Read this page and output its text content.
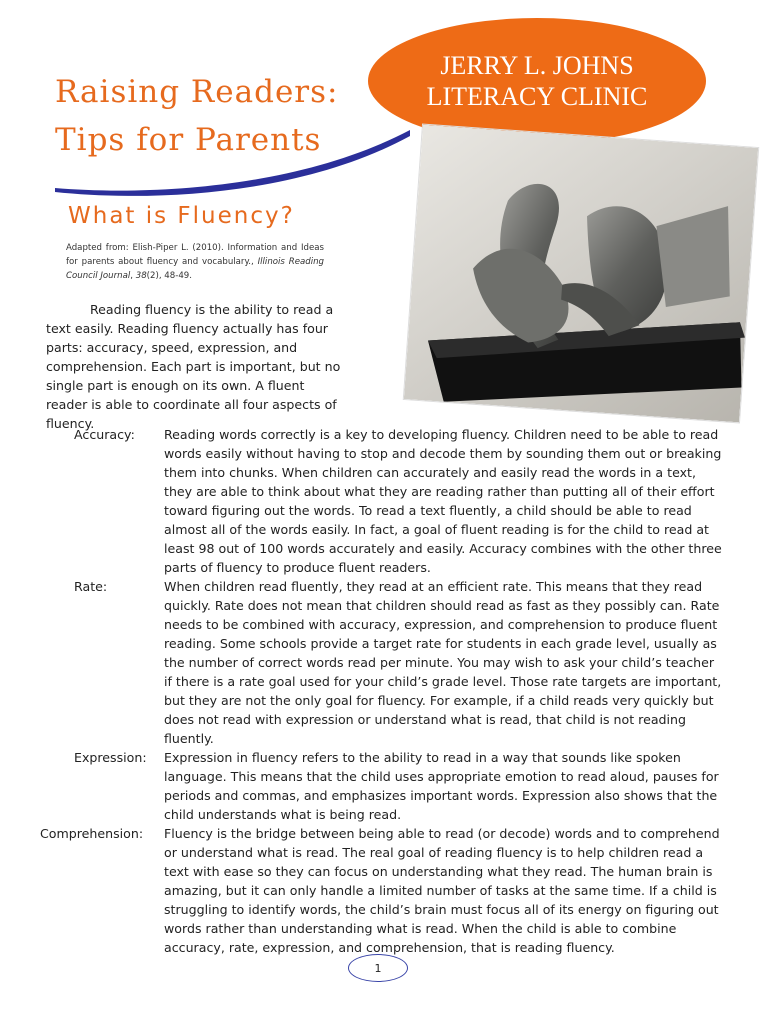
Raising Readers:
Tips for Parents
JERRY L. JOHNS
LITERACY CLINIC
What is Fluency?
Adapted from: Elish-Piper L. (2010). Information and Ideas for parents about fluency and vocabulary., Illinois Reading Council Journal, 38(2), 48-49.

Reading fluency is the ability to read a text easily. Reading fluency actually has four parts: accuracy, speed, expression, and comprehension. Each part is important, but no single part is enough on its own. A fluent reader is able to coordinate all four aspects of fluency.

Accuracy:	Reading words correctly is a key to developing fluency. Children need to be able to read words easily without having to stop and decode them by sounding them out or breaking them into chunks. When children can accurately and easily read the words in a text, they are able to think about what they are reading rather than putting all of their effort toward figuring out the words. To read a text fluently, a child should be able to read almost all of the words easily. In fact, a goal of fluent reading is for the child to read at least 98 out of 100 words accurately and easily. Accuracy combines with the other three parts of fluency to produce fluent readers.
Rate:	When children read fluently, they read at an efficient rate. This means that they read quickly. Rate does not mean that children should read as fast as they possibly can. Rate needs to be combined with accuracy, expression, and comprehension to produce fluent reading. Some schools provide a target rate for students in each grade level, usually as the number of correct words read per minute. You may wish to ask your child’s teacher if there is a rate goal used for your child’s grade level. Those rate targets are important, but they are not the only goal for fluency. For example, if a child reads very quickly but does not read with expression or understand what is read, that child is not reading fluently.
Expression:	Expression in fluency refers to the ability to read in a way that sounds like spoken language. This means that the child uses appropriate emotion to read aloud, pauses for periods and commas, and emphasizes important words. Expression also shows that the child understands what is being read.
Comprehension:	Fluency is the bridge between being able to read (or decode) words and to comprehend or understand what is read. The real goal of reading fluency is to help children read a text with ease so they can focus on understanding what they read. The human brain is amazing, but it can only handle a limited number of tasks at the same time. If a child is struggling to identify words, the child’s brain must focus all of its energy on figuring out words rather than understanding what is read. When the child is able to combine accuracy, rate, expression, and comprehension, that is reading fluency.
1
